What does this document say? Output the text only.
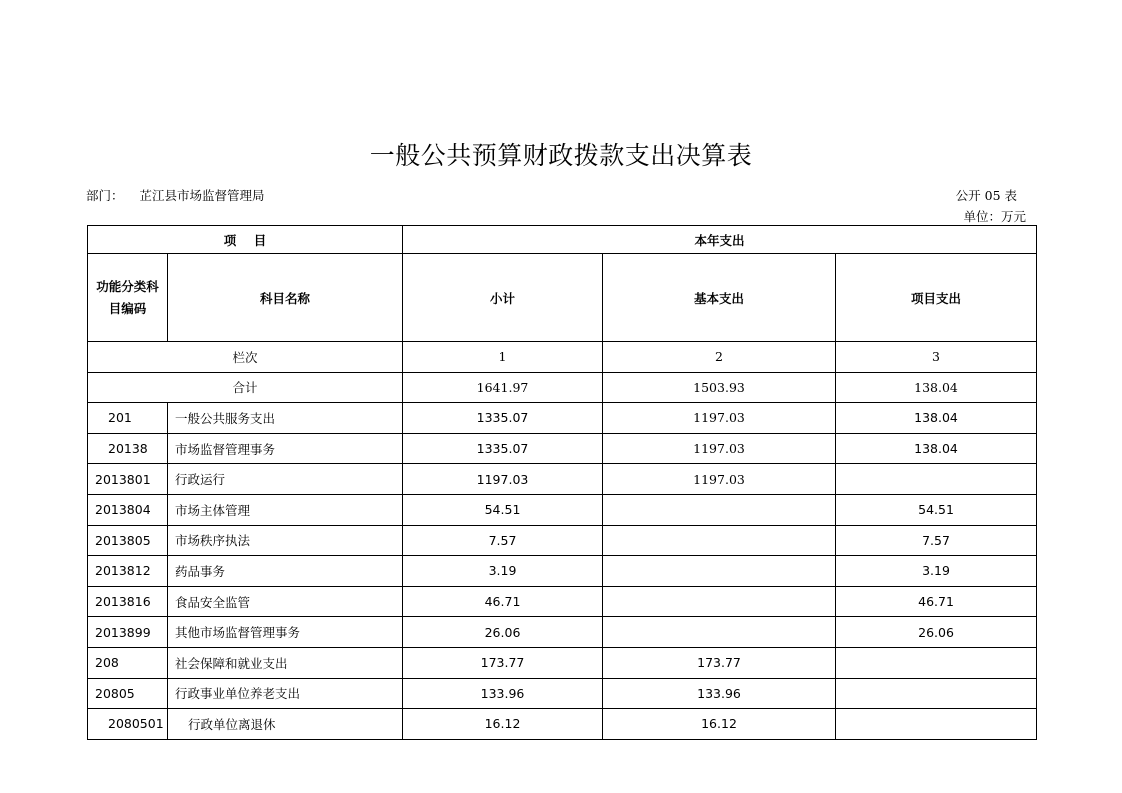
一般公共预算财政拨款支出决算表
部门： 芷江县市场监督管理局	公开 05 表
单位：万元
项    目		本年支出		
功能分类科目编码	科目名称	小计	基本支出	项目支出
栏次		1	2	3
合计		1641.97	1503.93	138.04
201	一般公共服务支出	1335.07	1197.03	138.04
20138	市场监督管理事务	1335.07	1197.03	138.04
2013801	行政运行	1197.03	1197.03	
2013804	市场主体管理	54.51		54.51
2013805	市场秩序执法	7.57		7.57
2013812	药品事务	3.19		3.19
2013816	食品安全监管	46.71		46.71
2013899	其他市场监督管理事务	26.06		26.06
208	社会保障和就业支出	173.77	173.77	
20805	行政事业单位养老支出	133.96	133.96	
2080501	行政单位离退休	16.12	16.12	
